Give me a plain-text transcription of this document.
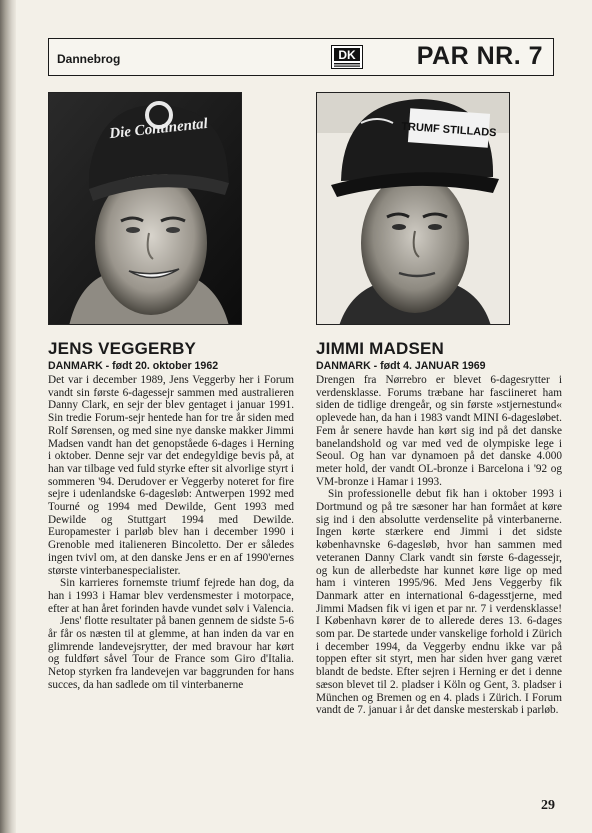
Dannebrog	DK PAR NR. 7
Die Continental	TRUMF STILLADS
JENS VEGGERBY
DANMARK - født 20. oktober 1962

Det var i december 1989, Jens Veggerby her i Forum vandt sin første 6-dagessejr sammen med australieren Danny Clark, en sejr der blev gentaget i januar 1991. Sin tredie Forum-sejr hentede han for tre år siden med Rolf Sørensen, og med sine nye danske makker Jimmi Madsen vandt han det genopståede 6-dages i Herning i oktober. Denne sejr var det endegyldige bevis på, at han var tilbage ved fuld styrke efter sit alvorlige styrt i sommeren '94. Derudover er Veggerby noteret for fire sejre i udenlandske 6-dagesløb: Antwerpen 1992 med Tourné og 1994 med Dewilde, Gent 1993 med Dewilde og Stuttgart 1994 med Dewilde. Europamester i parløb blev han i december 1990 i Grenoble med italieneren Bincoletto. Der er således ingen tvivl om, at den danske Jens er en af 1990'ernes største vinterbanespecialister.

Sin karrieres fornemste triumf fejrede han dog, da han i 1993 i Hamar blev verdensmester i motorpace, efter at han året forinden havde vundet sølv i Valencia.

Jens' flotte resultater på banen gennem de sidste 5-6 år får os næsten til at glemme, at han inden da var en glimrende landevejsrytter, der med bravour har kørt og fuldført såvel Tour de France som Giro d'Italia. Netop styrken fra landevejen var baggrunden for hans succes, da han sadlede om til vinterbanerne

JIMMI MADSEN
DANMARK - født 4. JANUAR 1969

Drengen fra Nørrebro er blevet 6-dagesrytter i verdensklasse. Forums træbane har fasciineret ham siden de tidlige drengeår, og sin første »stjernestund« oplevede han, da han i 1983 vandt MINI 6-dagesløbet. Fem år senere havde han kørt sig ind på det danske banelandshold og var med ved de olympiske lege i Seoul. Og han var dynamoen på det danske 4.000 meter hold, der vandt OL-bronze i Barcelona i '92 og VM-bronze i Hamar i 1993.

Sin professionelle debut fik han i oktober 1993 i Dortmund og på tre sæsoner har han formået at køre sig ind i den absolutte verdenselite på vinterbanerne. Ingen kørte stærkere end Jimmi i det sidste københavnske 6-dagesløb, hvor han sammen med veteranen Danny Clark vandt sin første 6-dagessejr, og kun de allerbedste har kunnet køre lige op med ham i vinteren 1995/96. Med Jens Veggerby fik Danmark atter en international 6-dagesstjerne, med Jimmi Madsen fik vi igen et par nr. 7 i verdensklasse! I København kører de to allerede deres 13. 6-dages som par. De startede under vanskelige forhold i Zürich i december 1994, da Veggerby endnu ikke var på toppen efter sit styrt, men har siden hver gang været blandt de bedste. Efter sejren i Herning er det i denne sæson blevet til 2. pladser i Köln og Gent, 3. pladser i München og Bremen og en 4. plads i Zürich. I Forum vandt de 7. januar i år det danske mesterskab i parløb.

29
